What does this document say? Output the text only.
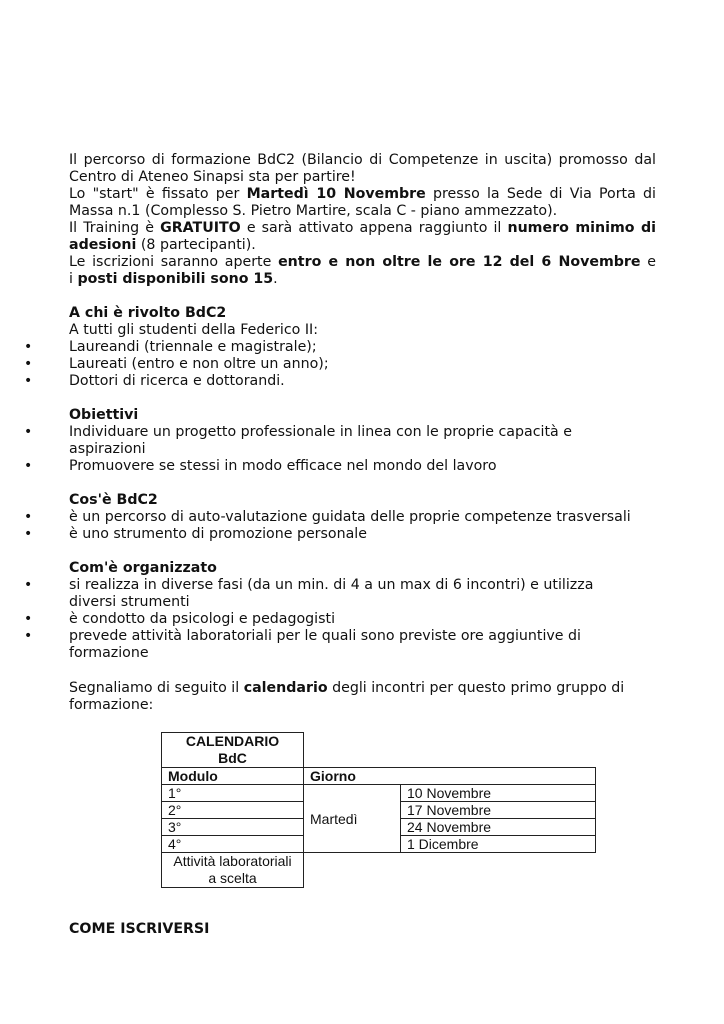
Il percorso di formazione BdC2 (Bilancio di Competenze in uscita) promosso dal
Centro di Ateneo Sinapsi sta per partire!
Lo "start" è fissato per Martedì 10 Novembre presso la Sede di Via Porta di
Massa n.1 (Complesso S. Pietro Martire, scala C - piano ammezzato).
Il Training è GRATUITO e sarà attivato appena raggiunto il numero minimo di
adesioni (8 partecipanti).
Le iscrizioni saranno aperte entro e non oltre le ore 12 del 6 Novembre e
i posti disponibili sono 15.
A chi è rivolto BdC2
A tutti gli studenti della Federico II:
•	Laureandi (triennale e magistrale);
•	Laureati (entro e non oltre un anno);
•	Dottori di ricerca e dottorandi.
Obiettivi
•	Individuare un progetto professionale in linea con le proprie capacità e
aspirazioni
•	Promuovere se stessi in modo efficace nel mondo del lavoro
Cos'è BdC2
•	è un percorso di auto-valutazione guidata delle proprie competenze trasversali
•	è uno strumento di promozione personale
Com'è organizzato
•	si realizza in diverse fasi (da un min. di 4 a un max di 6 incontri) e utilizza
diversi strumenti
•	è condotto da psicologi e pedagogisti
•	prevede attività laboratoriali per le quali sono previste ore aggiuntive di
formazione
Segnaliamo di seguito il calendario degli incontri per questo primo gruppo di
formazione:
CALENDARIO
BdC		

Modulo	Giorno	
1°	Martedì	10 Novembre
2°		17 Novembre
3°		24 Novembre
4°		1 Dicembre

Attività laboratoriali
a scelta		

COME ISCRIVERSI
